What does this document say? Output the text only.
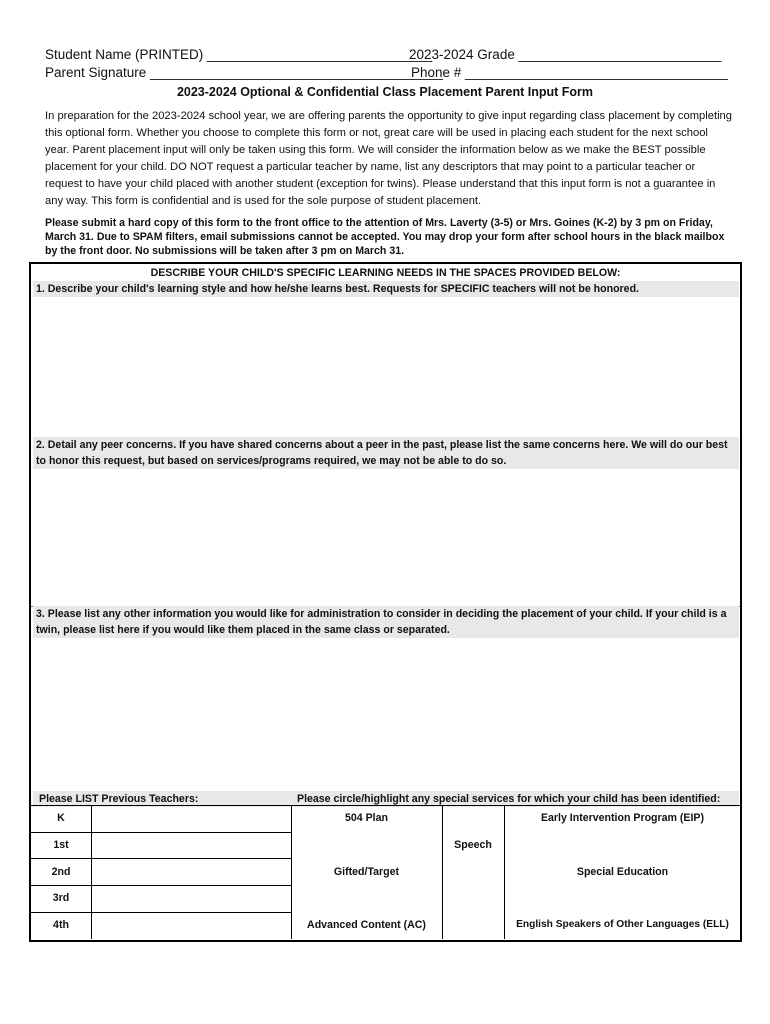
Student Name (PRINTED) ______________________________
2023-2024 Grade ___________________________
Parent Signature _______________________________________
Phone # ___________________________________
2023-2024 Optional & Confidential Class Placement Parent Input Form
In preparation for the 2023-2024 school year, we are offering parents the opportunity to give input regarding class placement by completing this optional form. Whether you choose to complete this form or not, great care will be used in placing each student for the next school year. Parent placement input will only be taken using this form. We will consider the information below as we make the BEST possible placement for your child. DO NOT request a particular teacher by name, list any descriptors that may point to a particular teacher or request to have your child placed with another student (exception for twins). Please understand that this input form is not a guarantee in any way. This form is confidential and is used for the sole purpose of student placement.
Please submit a hard copy of this form to the front office to the attention of Mrs. Laverty (3-5) or Mrs. Goines (K-2) by 3 pm on Friday, March 31. Due to SPAM filters, email submissions cannot be accepted. You may drop your form after school hours in the black mailbox by the front door. No submissions will be taken after 3 pm on March 31.
DESCRIBE YOUR CHILD'S SPECIFIC LEARNING NEEDS IN THE SPACES PROVIDED BELOW:
1. Describe your child's learning style and how he/she learns best. Requests for SPECIFIC teachers will not be honored.
2. Detail any peer concerns. If you have shared concerns about a peer in the past, please list the same concerns here. We will do our best to honor this request, but based on services/programs required, we may not be able to do so.
3. Please list any other information you would like for administration to consider in deciding the placement of your child. If your child is a twin, please list here if you would like them placed in the same class or separated.
Please LIST Previous Teachers:	Please circle/highlight any special services for which your child has been identified:
K
1st
2nd
3rd
4th
504 Plan
Gifted/Target
Advanced Content (AC)
Speech
Early Intervention Program (EIP)
Special Education
English Speakers of Other Languages (ELL)
